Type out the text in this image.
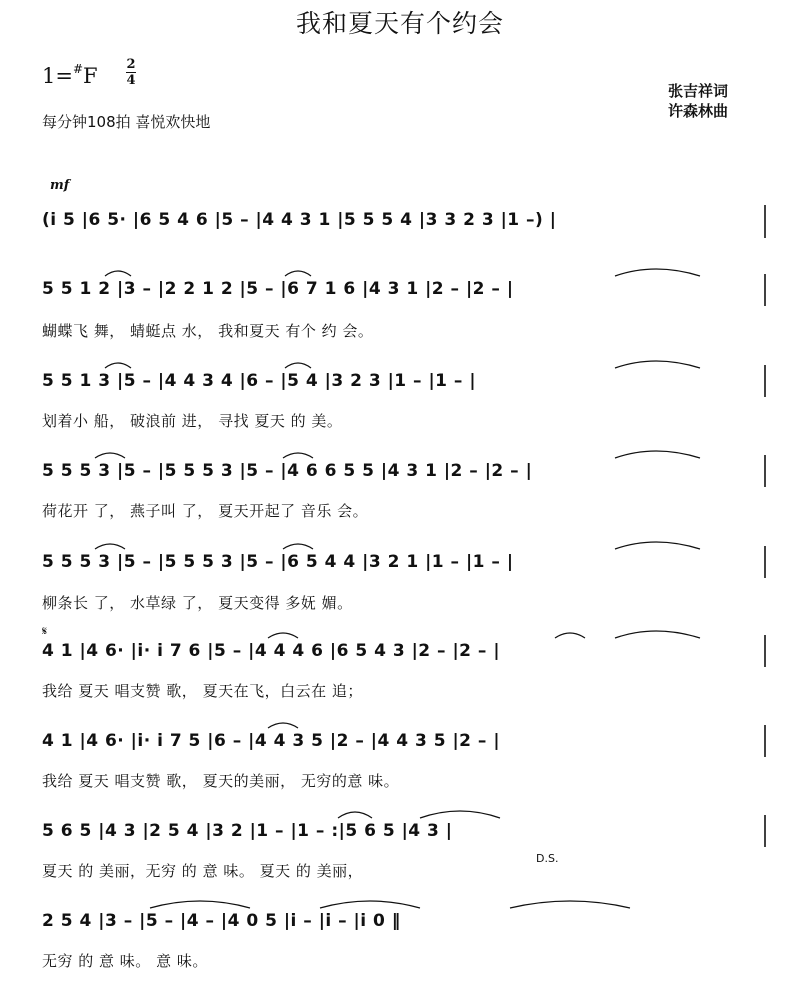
我和夏天有个约会
1=#F 2
4
每分钟108拍 喜悦欢快地
张吉祥词
许森林曲
mf
𝄋
D.S.
(i 5 |6 5· |6 5 4 6 |5 – |4 4 3 1 |5 5 5 4 |3 3 2 3 |1 –) |
5 5 1 2 |3 – |2 2 1 2 |5 – |6 7 1 6 |4 3 1 |2 – |2 – |
蝴蝶飞 舞， 蜻蜓点 水， 我和夏天 有个 约 会。
5 5 1 3 |5 – |4 4 3 4 |6 – |5 4 |3 2 3 |1 – |1 – |
划着小 船， 破浪前 进， 寻找 夏天 的 美。
5 5 5 3 |5 – |5 5 5 3 |5 – |4 6 6 5 5 |4 3 1 |2 – |2 – |
荷花开 了， 燕子叫 了， 夏天开起了 音乐 会。
5 5 5 3 |5 – |5 5 5 3 |5 – |6 5 4 4 |3 2 1 |1 – |1 – |
柳条长 了， 水草绿 了， 夏天变得 多妩 媚。
4 1 |4 6· |i· i 7 6 |5 – |4 4 4 6 |6 5 4 3 |2 – |2 – |
我给 夏天 唱支赞 歌， 夏天在飞，白云在 追；
4 1 |4 6· |i· i 7 5 |6 – |4 4 3 5 |2 – |4 4 3 5 |2 – |
我给 夏天 唱支赞 歌， 夏天的美丽， 无穷的意 味。
5 6 5 |4 3 |2 5 4 |3 2 |1 – |1 – :|5 6 5 |4 3 |
夏天 的 美丽，无穷 的 意 味。 夏天 的 美丽，
2 5 4 |3 – |5 – |4 – |4 0 5 |i – |i – |i 0 ‖
无穷 的 意 味。 意 味。
